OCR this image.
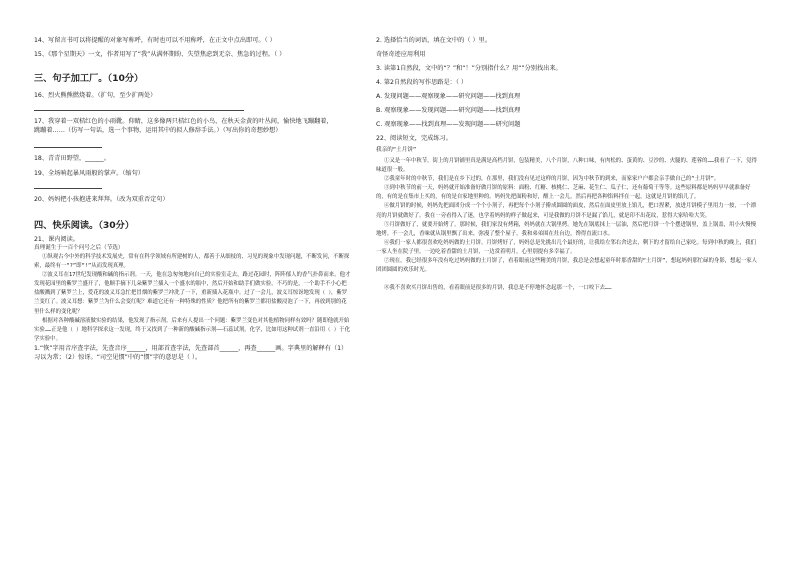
14、写留言书可以将提醒的对象写称呼，有时也可以不用称呼，在正文中点出即可。（ ）

15、《那个星期天》一文，作者用写了“我”从满怀期盼、失望焦虑到无奈、焦急的过程。（ ）

三、句子加工厂。（10分）

16、烈火熊熊燃烧着。（扩句，至少扩两处）

17、我穿着一双桔红色的小雨靴。仰睛，这多像两只桔红色的小鸟，在秋天金黄的叶丛间，愉快地飞蹦翻着，

跳蹦着……（仿写一句话，选一个事物，运用其中的拟人修辞手法。）（写出你的奇想妙想）

18、青青田野望，______。

19、全场响起暴风雨般的掌声。（缩句）

20、妈妈把小孩抱进来拜拜。（改为双重否定句）

四、快乐阅读。（30分）

21、课内阅读。

真理诞生于一百个问号之后（节选）

①纵观古今中外的科学技术发展史，常有在科学领域有所建树的人，都善于从细枝的、习见的现象中发现问题，不断发问，不断探索，最终有一“?”即“!”从而发现真理。

②波义耳在17世纪发现酸和碱的指示剂。一天，他在急匆匆地向自己的实验室走去，路过花园时，阵阵郁人的香气扑鼻而来。他才发现花园里的紫罗兰盛开了，他顺手摘下几朵紫罗兰插入一个盛水的瓶中，然后开始和助手们做实验。不巧的是，一个助手不小心把盐酸溅到了紫罗兰上，爱花的波义耳急忙把冒烟的紫罗兰冲洗了一下，重新插入花瓶中。过了一会儿，波义耳惊讶地发现（ ），紫罗兰变红了。波义耳想：紫罗兰为什么会变红呢？难道它还有一种特殊的性质？他把所有的紫罗兰都用盐酸浸泡了一下，再放到别的花里什么样的变化呢？

根据对各种酸碱溶液做实验的结果，他发现了指示剂。后来有人提出一个问题：紫罗兰变色对其他植物同样有效吗？随即他就开始实验……正是他（ ）地科学探求这一发现，终于又找到了一种新的酸碱指示剂——石蕊试剂。化学，比如用这种试剂一直沿用（ ）于化学实验中。

1.“恢”字用音序查字法，先查音序______，用部首查字法，先查部首______，再查______画。字典里的解释有（1）习以为常；（2）惊讶。“司空见惯”中的“惯”字的意思是（ ）。

2. 选择恰当的词语，填在文中的（ ）里。

奇怪奇迹应用利用

3. 读第1自然段，文中的“？”和“！”分别指什么？用“”分别找出来。

4. 第2自然段的写作思路是：（ ）

A. 发现问题——观察现象——研究问题——找到真理

B. 观察现象——发现问题——研究问题——找到真理

C. 观察现象——找到真理——发现问题——研究问题

22、阅读短文，完成练习。

我亲的“土月饼”

①又是一年中秋节，街上的月饼铺里真是满是高档月饼，包装精美，八个月饼，八种口味，有肉松的、蛋黄的、豆沙的、火腿的、莲蓉的……我看了一下，觉得味道很一般。

②我童年时的中秋节，我们是在乡下过的，在那里，我们没有见过这样的月饼，因为中秋节的到来，而家家户户都会亲手做自己的“土月饼”。

③到中秋节的前一天，妈妈就开始准备好做月饼的原料：面粉、红糖、核桃仁、芝麻、花生仁、瓜子仁，还有葡萄干等等。这些原料都是妈妈早早就准备好的，有的是在集市上买的，有的是自家地里种的。妈妈先把面粉和好，醒上一会儿，然后再把各种馅料拌在一起，这就是月饼的馅儿了。

④做月饼的时候，妈妈先把面团分成一个个小剂子，再把每个小剂子擀成圆圆的面皮，然后在面皮里放上馅儿，把口捏紧，放进月饼模子里用力一按，一个漂亮的月饼就做好了。我在一旁看得入了迷，也学着妈妈的样子做起来，可是我做的月饼不是漏了馅儿，就是印不出花纹，惹得大家哈哈大笑。

⑤月饼做好了，就要开始烤了。那时候，我们家没有烤箱，妈妈就在大锅里烤。她先在锅底抹上一层油，然后把月饼一个个摆进锅里，盖上锅盖，用小火慢慢地烤。不一会儿，香味就从锅里飘了出来，弥漫了整个屋子，我和弟弟围在灶台边，馋得直流口水。

⑥我们一家人都很喜欢吃妈妈做的土月饼。月饼烤好了，妈妈总是先挑出几个最好的，让我给左邻右舍送去，剩下的才留给自己家吃。每到中秋的晚上，我们一家人坐在院子里，一边吃着香甜的土月饼，一边赏着明月，心里别提有多幸福了。

⑦现在，我已经很多年没有吃过妈妈做的土月饼了，看着眼前这些精美的月饼，我总是会想起童年时那香甜的“土月饼”，想起妈妈那忙碌的身影，想起一家人团团圆圆的欢乐时光。

⑧我不喜欢买月饼出售的，看着眼前是很多的月饼，我总是不停地怀念起那一个，一口咬下去……
